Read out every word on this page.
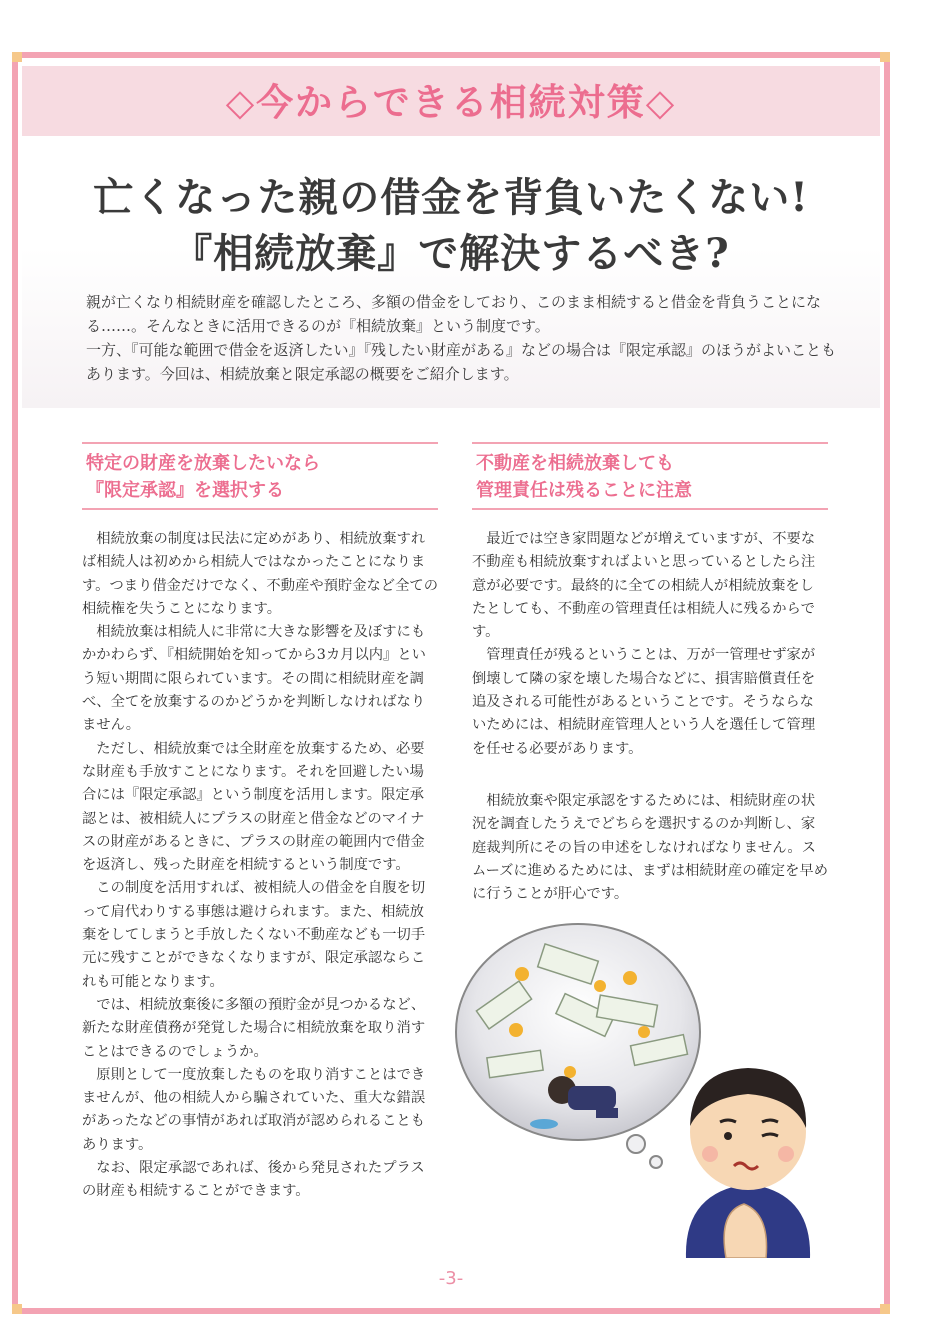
◇今からできる相続対策◇
亡くなった親の借金を背負いたくない!
『相続放棄』で解決するべき?

親が亡くなり相続財産を確認したところ、多額の借金をしており、このまま相続すると借金を背負うことになる……。そんなときに活用できるのが『相続放棄』という制度です。

一方、『可能な範囲で借金を返済したい』『残したい財産がある』などの場合は『限定承認』のほうがよいこともあります。今回は、相続放棄と限定承認の概要をご紹介します。

特定の財産を放棄したいなら
『限定承認』を選択する

相続放棄の制度は民法に定めがあり、相続放棄すれば相続人は初めから相続人ではなかったことになります。つまり借金だけでなく、不動産や預貯金など全ての相続権を失うことになります。

相続放棄は相続人に非常に大きな影響を及ぼすにもかかわらず、『相続開始を知ってから3カ月以内』という短い期間に限られています。その間に相続財産を調べ、全てを放棄するのかどうかを判断しなければなりません。

ただし、相続放棄では全財産を放棄するため、必要な財産も手放すことになります。それを回避したい場合には『限定承認』という制度を活用します。限定承認とは、被相続人にプラスの財産と借金などのマイナスの財産があるときに、プラスの財産の範囲内で借金を返済し、残った財産を相続するという制度です。

この制度を活用すれば、被相続人の借金を自腹を切って肩代わりする事態は避けられます。また、相続放棄をしてしまうと手放したくない不動産なども一切手元に残すことができなくなりますが、限定承認ならこれも可能となります。

では、相続放棄後に多額の預貯金が見つかるなど、新たな財産債務が発覚した場合に相続放棄を取り消すことはできるのでしょうか。

原則として一度放棄したものを取り消すことはできませんが、他の相続人から騙されていた、重大な錯誤があったなどの事情があれば取消が認められることもあります。

なお、限定承認であれば、後から発見されたプラスの財産も相続することができます。

不動産を相続放棄しても
管理責任は残ることに注意

最近では空き家問題などが増えていますが、不要な不動産も相続放棄すればよいと思っているとしたら注意が必要です。最終的に全ての相続人が相続放棄をしたとしても、不動産の管理責任は相続人に残るからです。

管理責任が残るということは、万が一管理せず家が倒壊して隣の家を壊した場合などに、損害賠償責任を追及される可能性があるということです。そうならないためには、相続財産管理人という人を選任して管理を任せる必要があります。

相続放棄や限定承認をするためには、相続財産の状況を調査したうえでどちらを選択するのか判断し、家庭裁判所にその旨の申述をしなければなりません。スムーズに進めるためには、まずは相続財産の確定を早めに行うことが肝心です。

-3-
